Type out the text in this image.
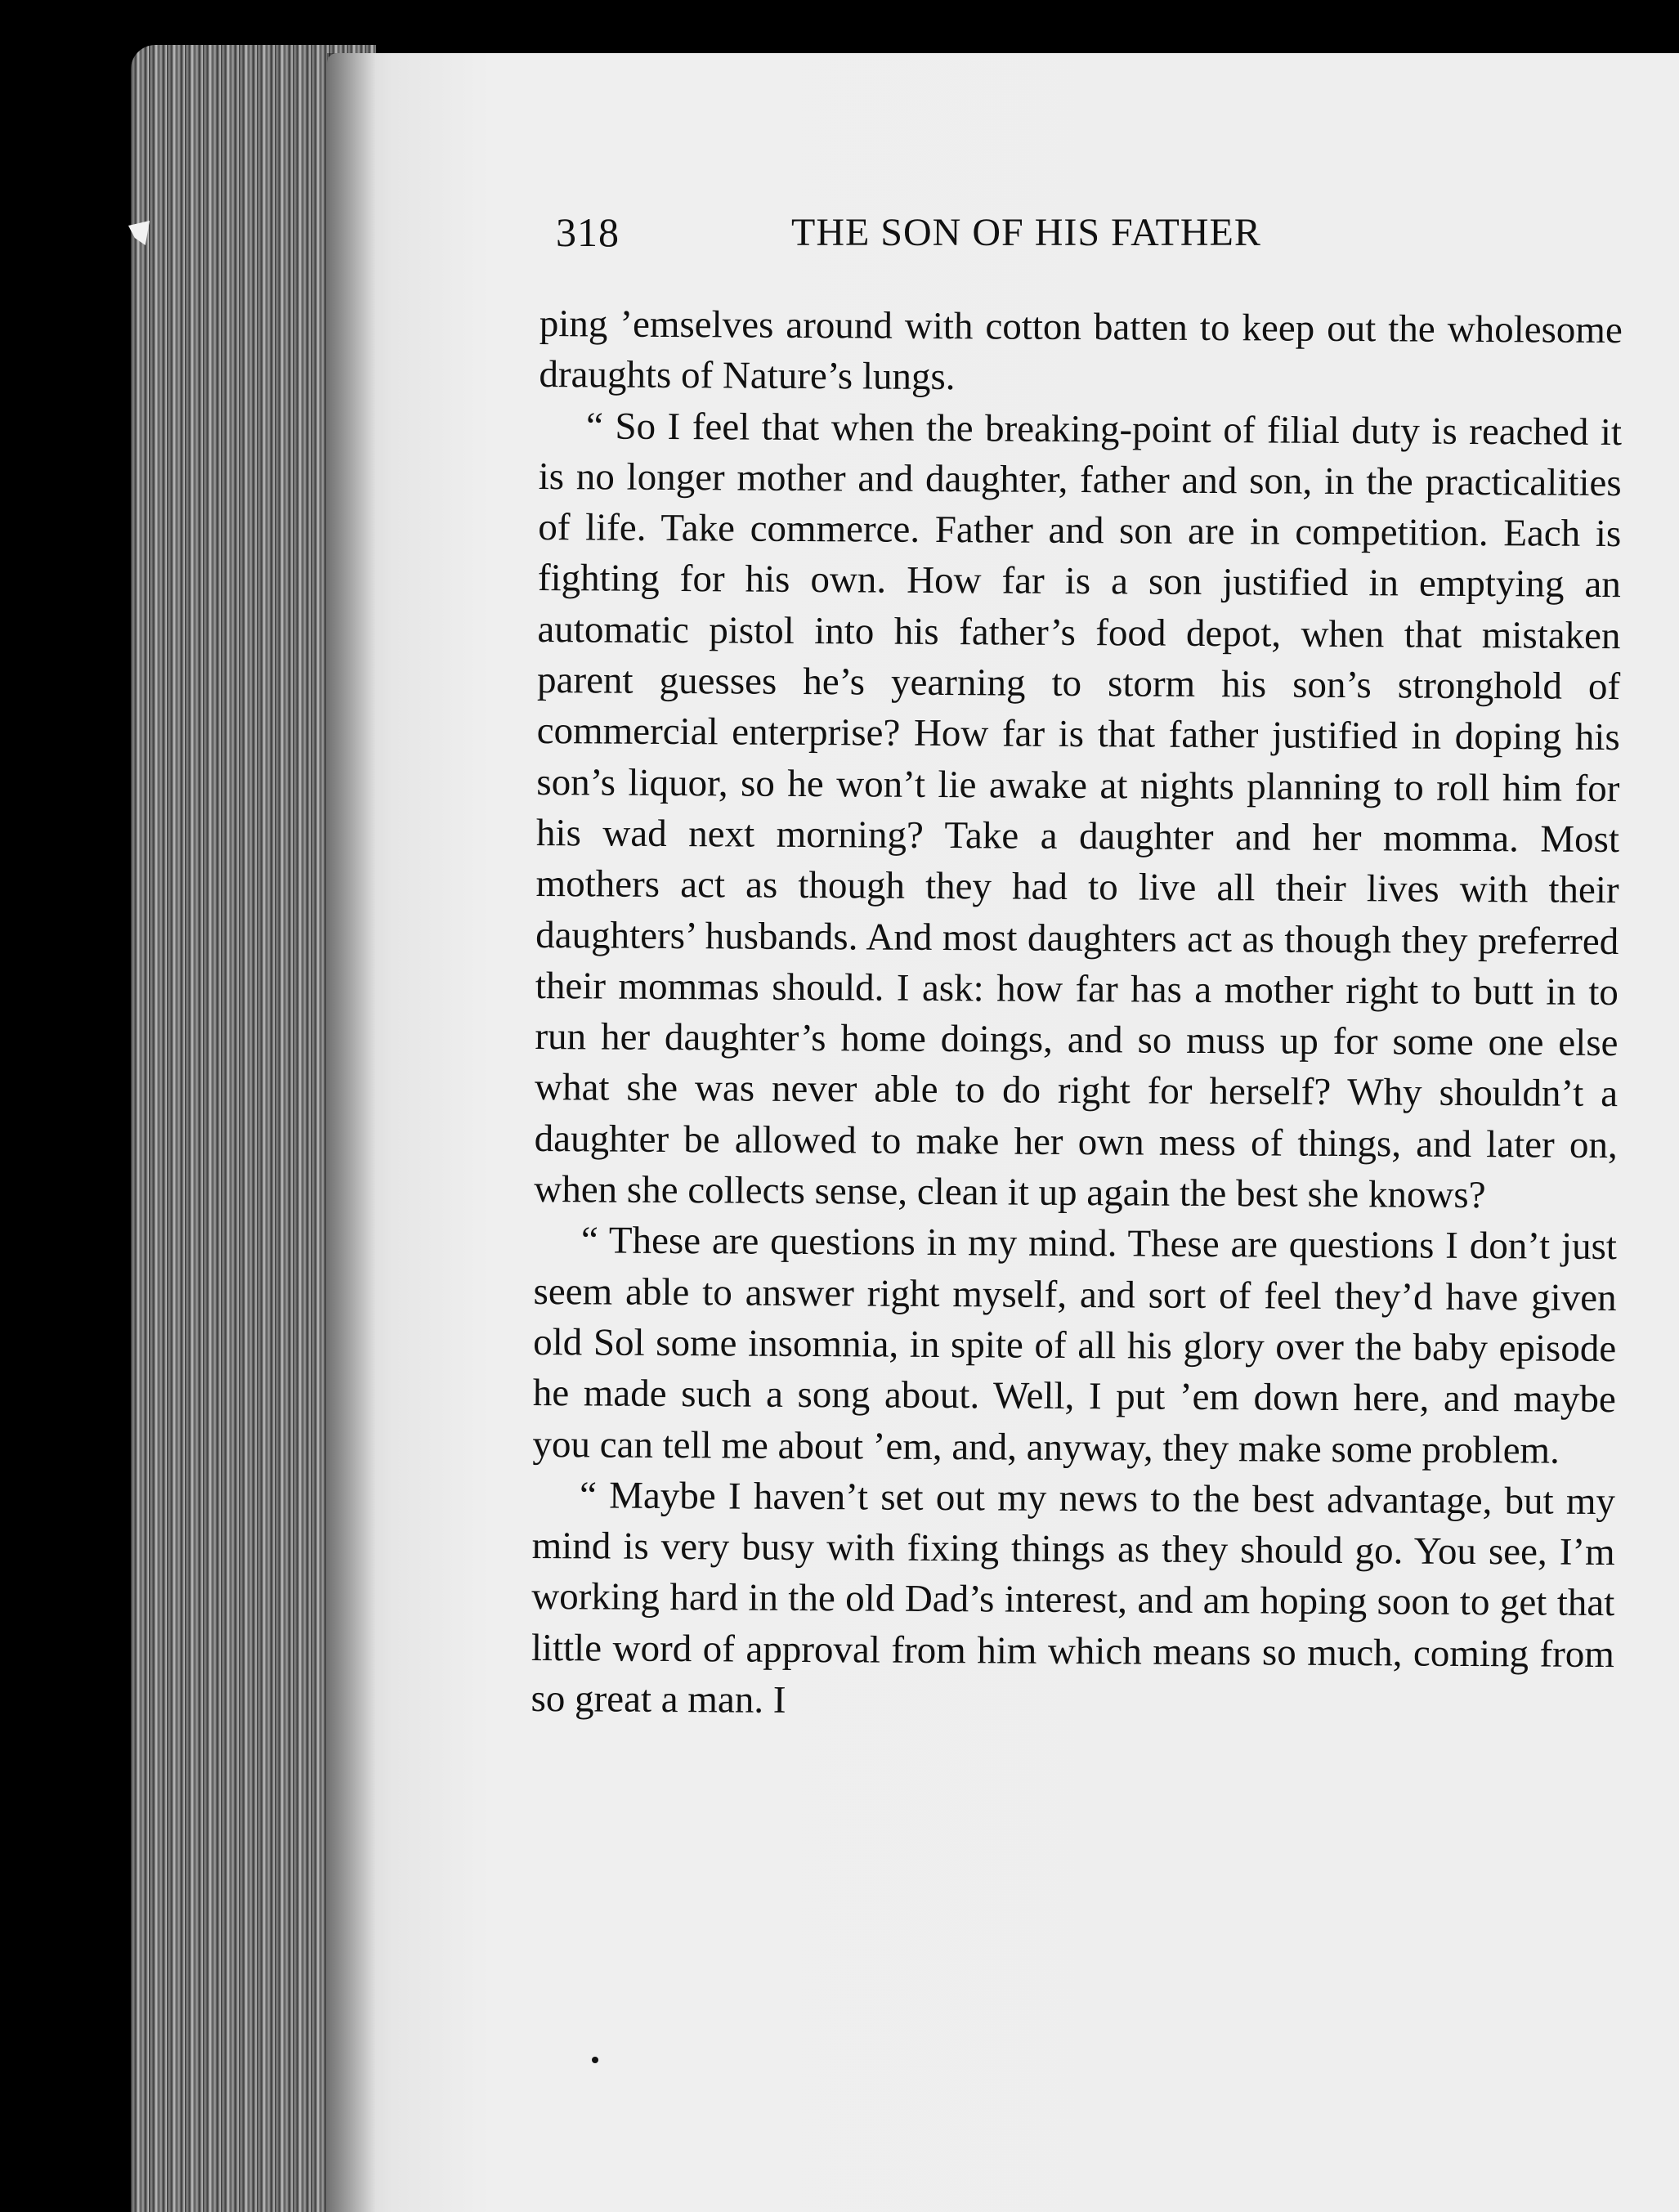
318	THE SON OF HIS FATHER

ping ’emselves around with cotton batten to keep out the wholesome draughts of Nature’s lungs.

“ So I feel that when the breaking-point of filial duty is reached it is no longer mother and daughter, father and son, in the practicalities of life. Take commerce. Father and son are in competition. Each is fighting for his own. How far is a son justified in emptying an automatic pistol into his father’s food depot, when that mistaken parent guesses he’s yearning to storm his son’s stronghold of commercial enterprise? How far is that father justified in doping his son’s liquor, so he won’t lie awake at nights planning to roll him for his wad next morning? Take a daughter and her momma. Most mothers act as though they had to live all their lives with their daughters’ husbands. And most daughters act as though they preferred their mommas should. I ask: how far has a mother right to butt in to run her daughter’s home doings, and so muss up for some one else what she was never able to do right for herself? Why shouldn’t a daughter be allowed to make her own mess of things, and later on, when she collects sense, clean it up again the best she knows?

“ These are questions in my mind. These are questions I don’t just seem able to answer right myself, and sort of feel they’d have given old Sol some insomnia, in spite of all his glory over the baby episode he made such a song about. Well, I put ’em down here, and maybe you can tell me about ’em, and, anyway, they make some problem.

“ Maybe I haven’t set out my news to the best advantage, but my mind is very busy with fixing things as they should go. You see, I’m working hard in the old Dad’s interest, and am hoping soon to get that little word of approval from him which means so much, coming from so great a man. I
